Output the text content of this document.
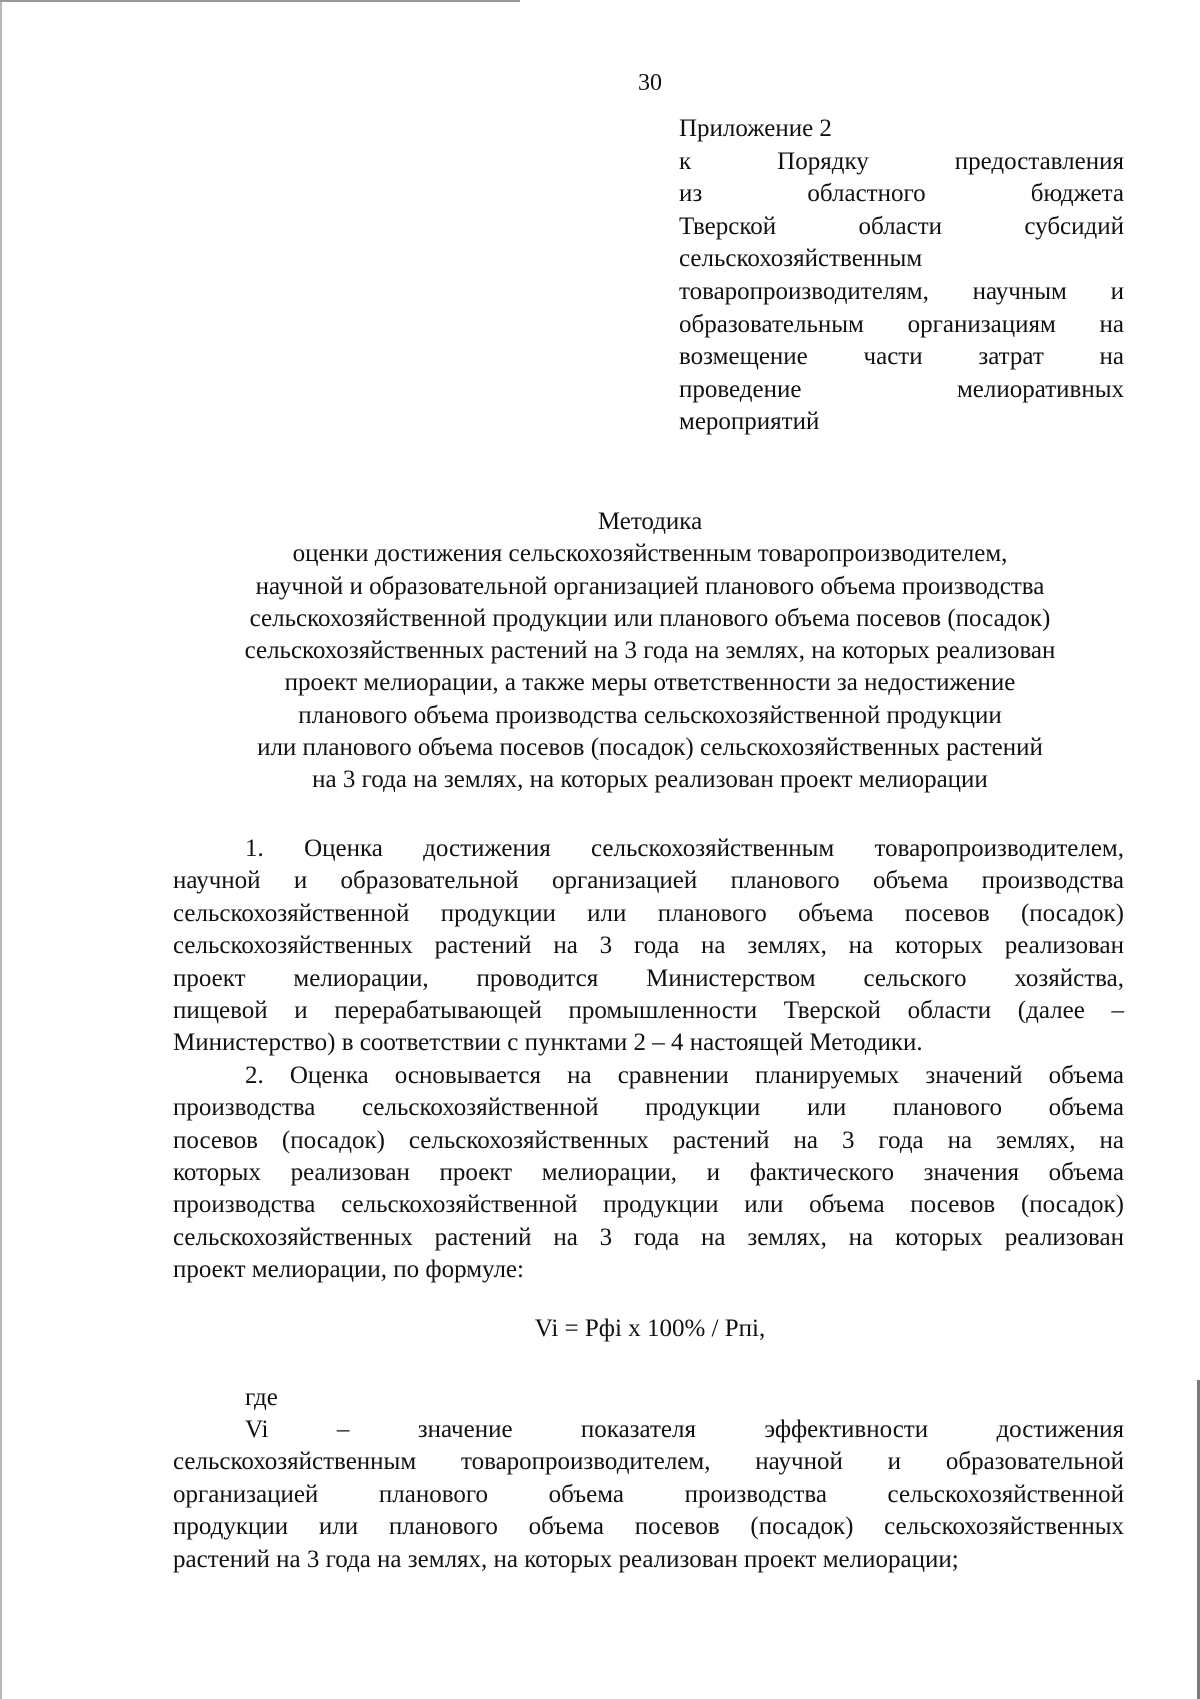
30
Приложение 2
к Порядку предоставления
из областного бюджета
Тверской области субсидий
сельскохозяйственным
товаропроизводителям, научным и
образовательным организациям на
возмещение части затрат на
проведение мелиоративных
мероприятий
Методика
оценки достижения сельскохозяйственным товаропроизводителем,
научной и образовательной организацией планового объема производства
сельскохозяйственной продукции или планового объема посевов (посадок)
сельскохозяйственных растений на 3 года на землях, на которых реализован
проект мелиорации, а также меры ответственности за недостижение
планового объема производства сельскохозяйственной продукции
или планового объема посевов (посадок) сельскохозяйственных растений
на 3 года на землях, на которых реализован проект мелиорации
1. Оценка достижения сельскохозяйственным товаропроизводителем,
научной и образовательной организацией планового объема производства
сельскохозяйственной продукции или планового объема посевов (посадок)
сельскохозяйственных растений на 3 года на землях, на которых реализован
проект мелиорации, проводится Министерством сельского хозяйства,
пищевой и перерабатывающей промышленности Тверской области (далее –
Министерство) в соответствии с пунктами 2 – 4 настоящей Методики.
2. Оценка основывается на сравнении планируемых значений объема
производства сельскохозяйственной продукции или планового объема
посевов (посадок) сельскохозяйственных растений на 3 года на землях, на
которых реализован проект мелиорации, и фактического значения объема
производства сельскохозяйственной продукции или объема посевов (посадок)
сельскохозяйственных растений на 3 года на землях, на которых реализован
проект мелиорации, по формуле:
Vi = Рфi x 100% / Рпi,
где
Vi – значение показателя эффективности достижения
сельскохозяйственным товаропроизводителем, научной и образовательной
организацией планового объема производства сельскохозяйственной
продукции или планового объема посевов (посадок) сельскохозяйственных
растений на 3 года на землях, на которых реализован проект мелиорации;
